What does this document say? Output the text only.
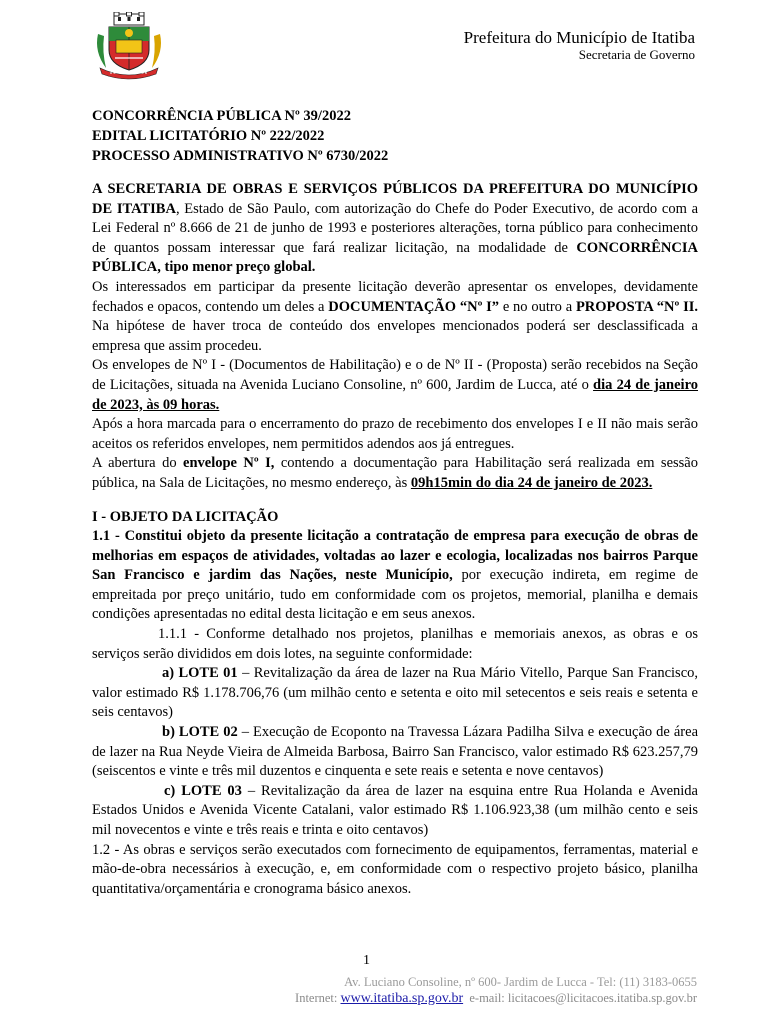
Prefeitura do Município de Itatiba
Secretaria de Governo
CONCORRÊNCIA PÚBLICA Nº 39/2022
EDITAL LICITATÓRIO Nº 222/2022
PROCESSO ADMINISTRATIVO Nº 6730/2022

A SECRETARIA DE OBRAS E SERVIÇOS PÚBLICOS DA PREFEITURA DO MUNICÍPIO DE ITATIBA, Estado de São Paulo, com autorização do Chefe do Poder Executivo, de acordo com a Lei Federal nº 8.666 de 21 de junho de 1993 e posteriores alterações, torna público para conhecimento de quantos possam interessar que fará realizar licitação, na modalidade de CONCORRÊNCIA PÚBLICA, tipo menor preço global.

Os interessados em participar da presente licitação deverão apresentar os envelopes, devidamente fechados e opacos, contendo um deles a DOCUMENTAÇÃO “Nº I” e no outro a PROPOSTA “Nº II. Na hipótese de haver troca de conteúdo dos envelopes mencionados poderá ser desclassificada a empresa que assim procedeu.

Os envelopes de Nº I - (Documentos de Habilitação) e o de Nº II - (Proposta) serão recebidos na Seção de Licitações, situada na Avenida Luciano Consoline, nº 600, Jardim de Lucca, até o dia 24 de janeiro de 2023, às 09 horas.

Após a hora marcada para o encerramento do prazo de recebimento dos envelopes I e II não mais serão aceitos os referidos envelopes, nem permitidos adendos aos já entregues.

A abertura do envelope Nº I, contendo a documentação para Habilitação será realizada em sessão pública, na Sala de Licitações, no mesmo endereço, às 09h15min do dia 24 de janeiro de 2023.

I - OBJETO DA LICITAÇÃO

1.1 - Constitui objeto da presente licitação a contratação de empresa para execução de obras de melhorias em espaços de atividades, voltadas ao lazer e ecologia, localizadas nos bairros Parque San Francisco e jardim das Nações, neste Município, por execução indireta, em regime de empreitada por preço unitário, tudo em conformidade com os projetos, memorial, planilha e demais condições apresentadas no edital desta licitação e em seus anexos.

1.1.1 - Conforme detalhado nos projetos, planilhas e memoriais anexos, as obras e os serviços serão divididos em dois lotes, na seguinte conformidade:

a) LOTE 01 – Revitalização da área de lazer na Rua Mário Vitello, Parque San Francisco, valor estimado R$ 1.178.706,76 (um milhão cento e setenta e oito mil setecentos e seis reais e setenta e seis centavos)

b) LOTE 02 – Execução de Ecoponto na Travessa Lázara Padilha Silva e execução de área de lazer na Rua Neyde Vieira de Almeida Barbosa, Bairro San Francisco, valor estimado R$ 623.257,79 (seiscentos e vinte e três mil duzentos e cinquenta e sete reais e setenta e nove centavos)

c) LOTE 03 – Revitalização da área de lazer na esquina entre Rua Holanda e Avenida Estados Unidos e Avenida Vicente Catalani, valor estimado R$ 1.106.923,38 (um milhão cento e seis mil novecentos e vinte e três reais e trinta e oito centavos)

1.2 - As obras e serviços serão executados com fornecimento de equipamentos, ferramentas, material e mão-de-obra necessários à execução, e, em conformidade com o respectivo projeto básico, planilha quantitativa/orçamentária e cronograma básico anexos.

1
Av. Luciano Consoline, nº 600- Jardim de Lucca - Tel: (11) 3183-0655
Internet: www.itatiba.sp.gov.br  e-mail: licitacoes@licitacoes.itatiba.sp.gov.br
